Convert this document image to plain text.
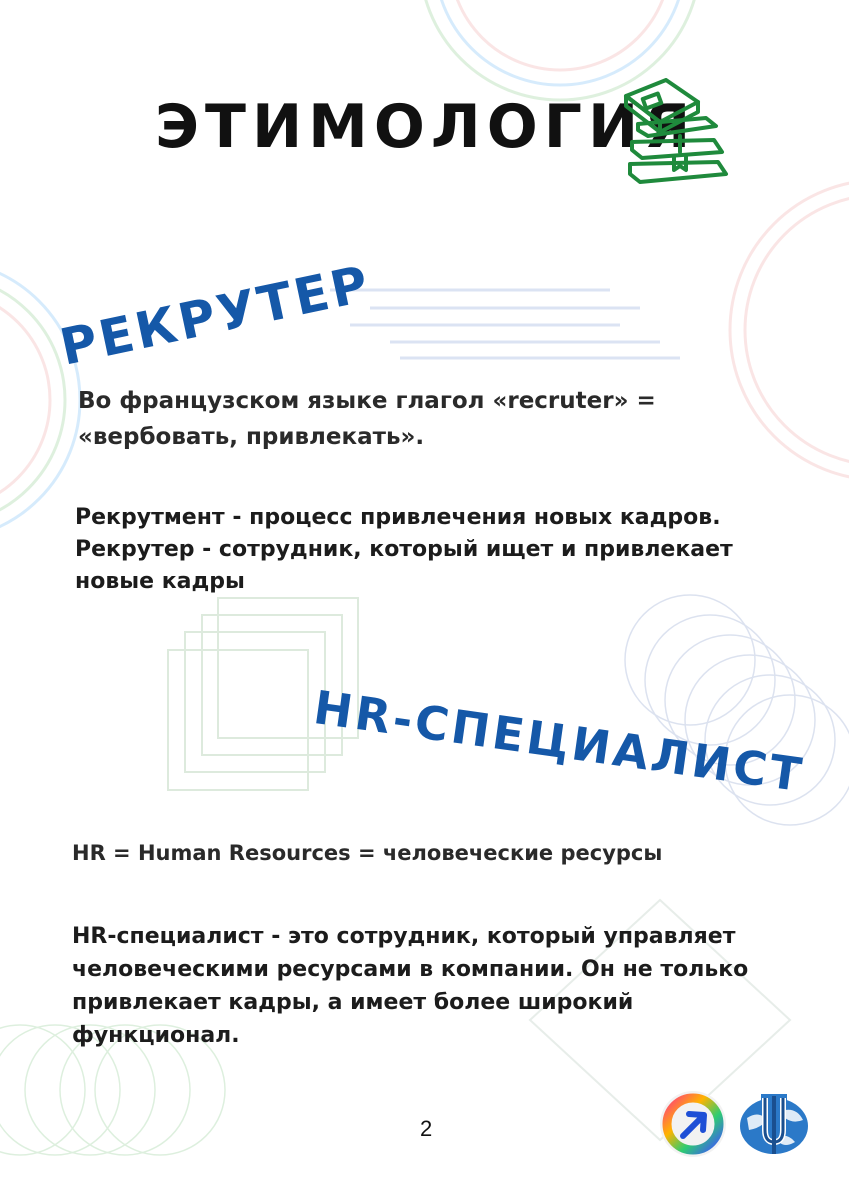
ЭТИМОЛОГИЯ
РЕКРУТЕР
Во французском языке глагол «recruter» = «вербовать, привлекать».
Рекрутмент - процесс привлечения новых кадров. Рекрутер - сотрудник, который ищет и привлекает новые кадры
HR-СПЕЦИАЛИСТ
HR = Human Resources = человеческие ресурсы
HR-специалист - это сотрудник, который управляет человеческими ресурсами в компании. Он не только привлекает кадры, а имеет более широкий функционал.
2
